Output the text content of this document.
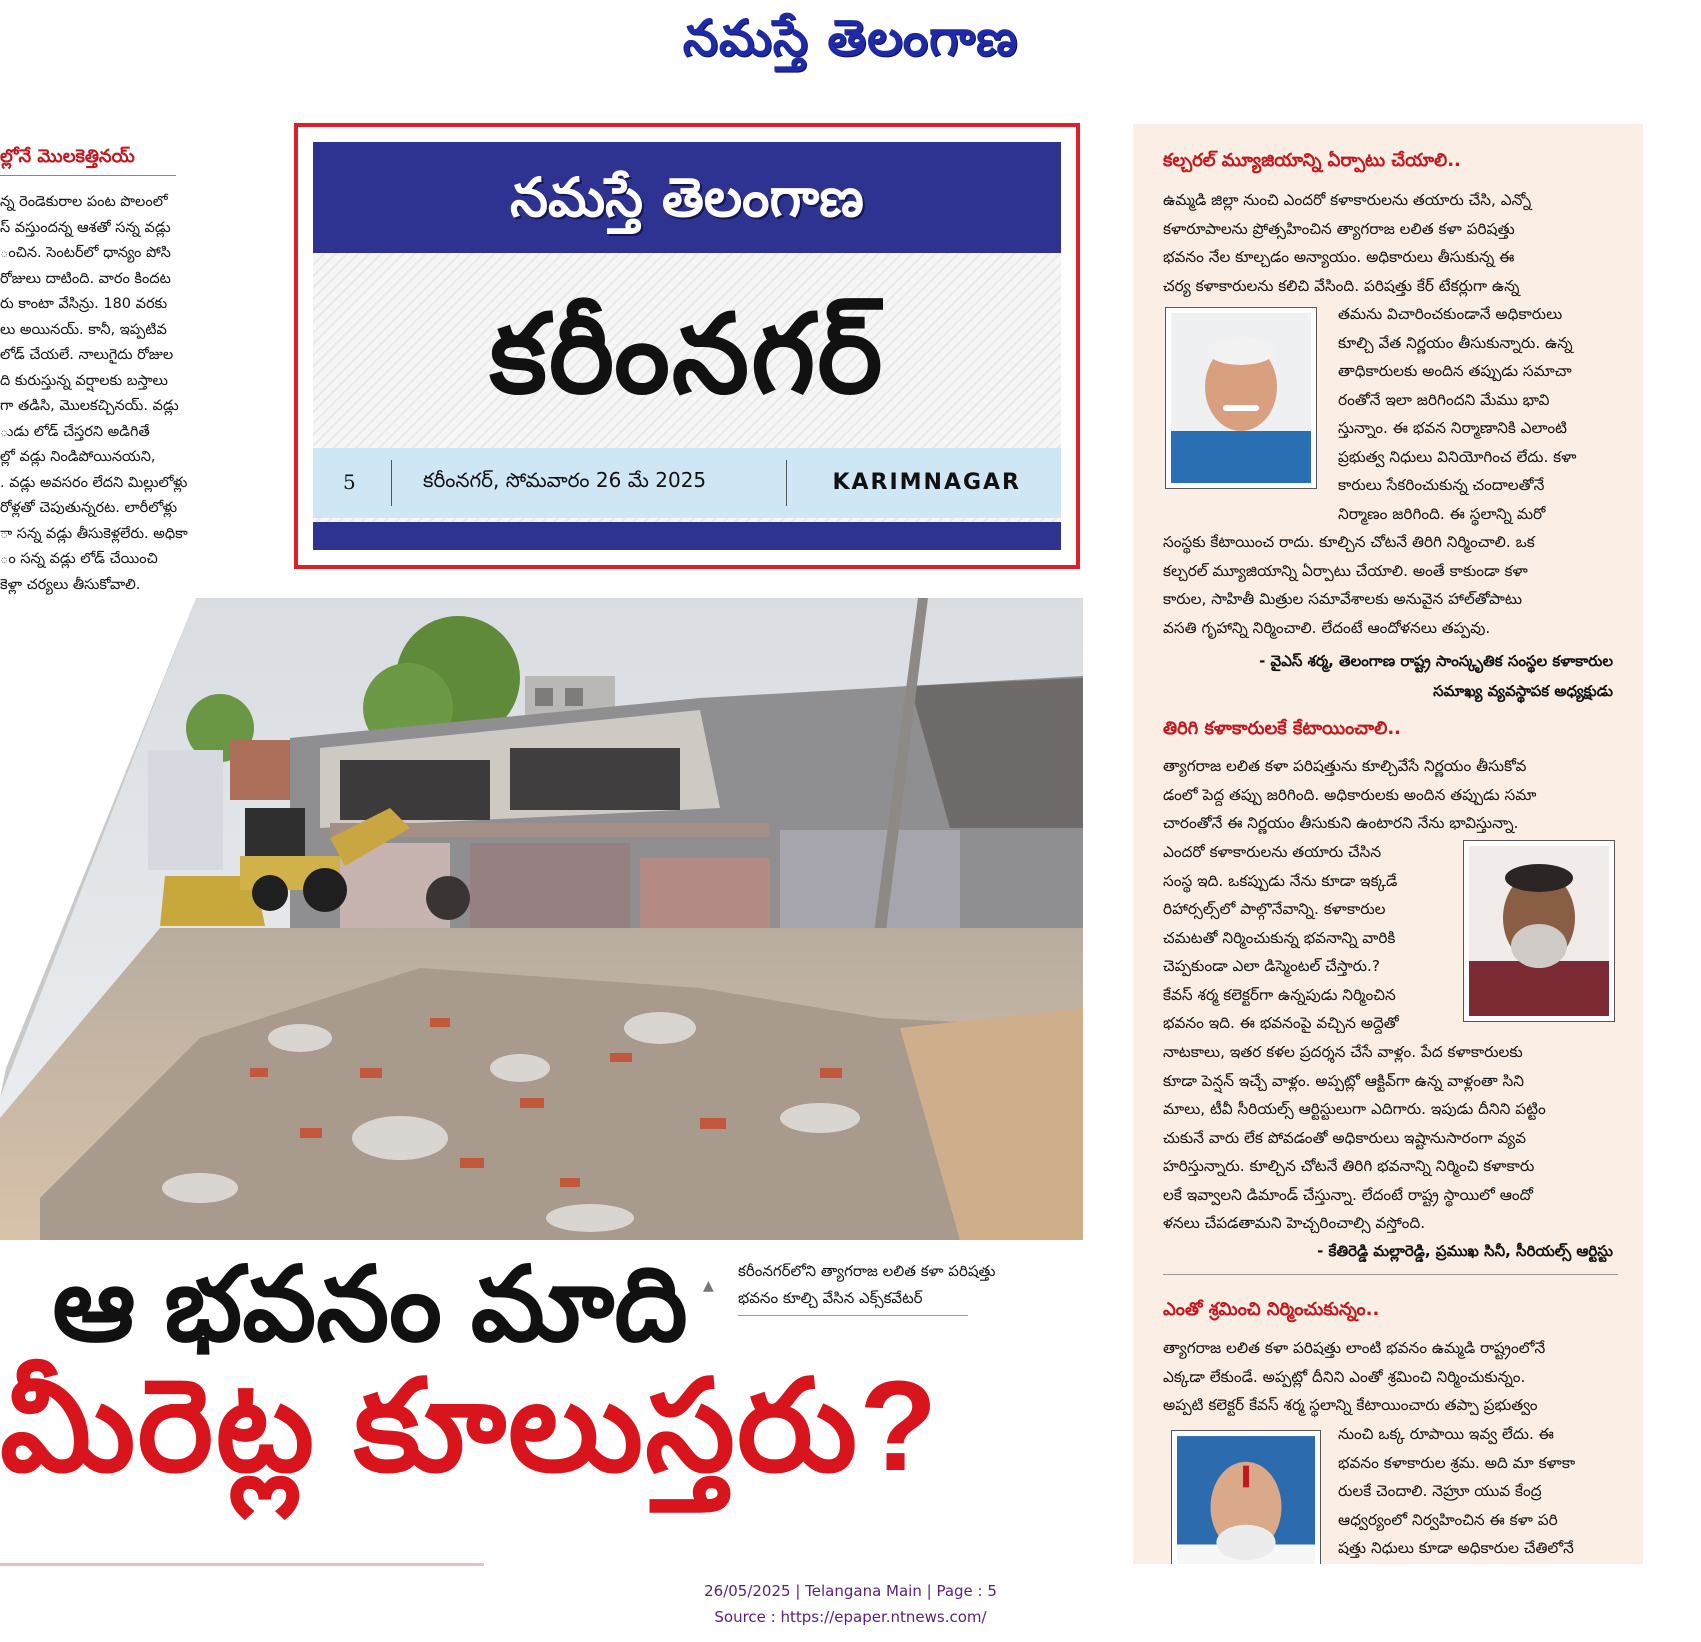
నమస్తే తెలంగాణ
ల్లోనే మొలకెత్తినయ్
న్న రెండెకురాల పంట పొలంలో
స్ వస్తుందన్న ఆశతో సన్న వడ్లు
ంచిన. సెంటర్‌లో ధాన్యం పోసి
రోజులు దాటింది. వారం కిందట
రు కాంటా వేసిన్రు. 180 వరకు
లు అయినయ్. కానీ, ఇప్పటివ
లోడ్ చేయలే. నాలుగైదు రోజుల
ది కురుస్తున్న వర్షాలకు బస్తాలు
గా తడిసి, మొలకచ్చినయ్. వడ్లు
ుడు లోడ్ చేస్తరని అడిగితే
ల్లో వడ్లు నిండిపోయినయని,
. వడ్లు అవసరం లేదని మిల్లులోళ్లు
రోళ్లతో చెపుతున్నరట. లారీలోళ్లు
ా సన్న వడ్లు తీసుకెళ్లలేరు. అధికా
ం సన్న వడ్లు లోడ్ చేయించి
కెళ్లా చర్యలు తీసుకోవాలి.
నమస్తే తెలంగాణ
కరీంనగర్
5	కరీంనగర్, సోమవారం 26 మే 2025	KARIMNAGAR
▲
కరీంనగర్‌లోని త్యాగరాజ లలిత కళా పరిషత్తు
భవనం కూల్చి వేసిన ఎక్స్‌కవేటర్
ఆ భవనం మాది
మీరెట్ల కూలుస్తరు?
కల్చరల్ మ్యూజియాన్ని ఏర్పాటు చేయాలి..
ఉమ్మడి జిల్లా నుంచి ఎందరో కళాకారులను తయారు చేసి, ఎన్నో
కళారూపాలను ప్రోత్సహించిన త్యాగరాజ లలిత కళా పరిషత్తు
భవనం నేల కూల్చడం అన్యాయం. అధికారులు తీసుకున్న ఈ
చర్య కళాకారులను కలిచి వేసింది. పరిషత్తు కేర్ టేకర్లుగా ఉన్న
తమను విచారించకుండానే అధికారులు
కూల్చి వేత నిర్ణయం తీసుకున్నారు. ఉన్న
తాధికారులకు అందిన తప్పుడు సమాచా
రంతోనే ఇలా జరిగిందని మేము భావి
స్తున్నాం. ఈ భవన నిర్మాణానికి ఎలాంటి
ప్రభుత్వ నిధులు వినియోగించ లేదు. కళా
కారులు సేకరించుకున్న చందాలతోనే
నిర్మాణం జరిగింది. ఈ స్థలాన్ని మరో
సంస్థకు కేటాయించ రాదు. కూల్చిన చోటనే తిరిగి నిర్మించాలి. ఒక
కల్చరల్ మ్యూజియాన్ని ఏర్పాటు చేయాలి. అంతే కాకుండా కళా
కారుల, సాహితీ మిత్రుల సమావేశాలకు అనువైన హాల్‌తోపాటు
వసతి గృహాన్ని నిర్మించాలి. లేదంటే ఆందోళనలు తప్పవు.
- వైఎస్ శర్మ, తెలంగాణ రాష్ట్ర సాంస్కృతిక సంస్థల కళాకారుల
సమాఖ్య వ్యవస్థాపక అధ్యక్షుడు
తిరిగి కళాకారులకే కేటాయించాలి..
త్యాగరాజ లలిత కళా పరిషత్తును కూల్చివేసే నిర్ణయం తీసుకోవ
డంలో పెద్ద తప్పు జరిగింది. అధికారులకు అందిన తప్పుడు సమా
చారంతోనే ఈ నిర్ణయం తీసుకుని ఉంటారని నేను భావిస్తున్నా.
ఎందరో కళాకారులను తయారు చేసిన
సంస్థ ఇది. ఒకప్పుడు నేను కూడా ఇక్కడే
రిహార్సల్స్‌లో పాల్గొనేవాన్ని. కళాకారుల
చమటతో నిర్మించుకున్న భవనాన్ని వారికి
చెప్పకుండా ఎలా డిస్మెంటల్ చేస్తారు.?
కేవస్ శర్మ కలెక్టర్‌గా ఉన్నపుడు నిర్మించిన
భవనం ఇది. ఈ భవనంపై వచ్చిన అద్దెతో
నాటకాలు, ఇతర కళల ప్రదర్శన చేసే వాళ్లం. పేద కళాకారులకు
కూడా పెన్షన్ ఇచ్చే వాళ్లం. అప్పట్లో ఆక్టివ్‌గా ఉన్న వాళ్లంతా సిని
మాలు, టీవీ సీరియల్స్ ఆర్టిస్టులుగా ఎదిగారు. ఇపుడు దీనిని పట్టిం
చుకునే వారు లేక పోవడంతో అధికారులు ఇష్టానుసారంగా వ్యవ
హరిస్తున్నారు. కూల్చిన చోటనే తిరిగి భవనాన్ని నిర్మించి కళాకారు
లకే ఇవ్వాలని డిమాండ్ చేస్తున్నా. లేదంటే రాష్ట్ర స్థాయిలో ఆందో
ళనలు చేపడతామని హెచ్చరించాల్సి వస్తోంది.
- కేతిరెడ్డి మల్లారెడ్డి, ప్రముఖ సినీ, సీరియల్స్ ఆర్టిస్టు
ఎంతో శ్రమించి నిర్మించుకున్నం..
త్యాగరాజ లలిత కళా పరిషత్తు లాంటి భవనం ఉమ్మడి రాష్ట్రంలోనే
ఎక్కడా లేకుండే. అప్పట్లో దీనిని ఎంతో శ్రమించి నిర్మించుకున్నం.
అప్పటి కలెక్టర్ కేవస్ శర్మ స్థలాన్ని కేటాయించారు తప్పా ప్రభుత్వం
నుంచి ఒక్క రూపాయి ఇవ్వ లేదు. ఈ
భవనం కళాకారుల శ్రమ. అది మా కళాకా
రులకే చెందాలి. నెహ్రూ యువ కేంద్ర
ఆధ్వర్యంలో నిర్వహించిన ఈ కళా పరి
షత్తు నిధులు కూడా అధికారుల చేతిలోనే
26/05/2025 | Telangana Main | Page : 5
Source : https://epaper.ntnews.com/
